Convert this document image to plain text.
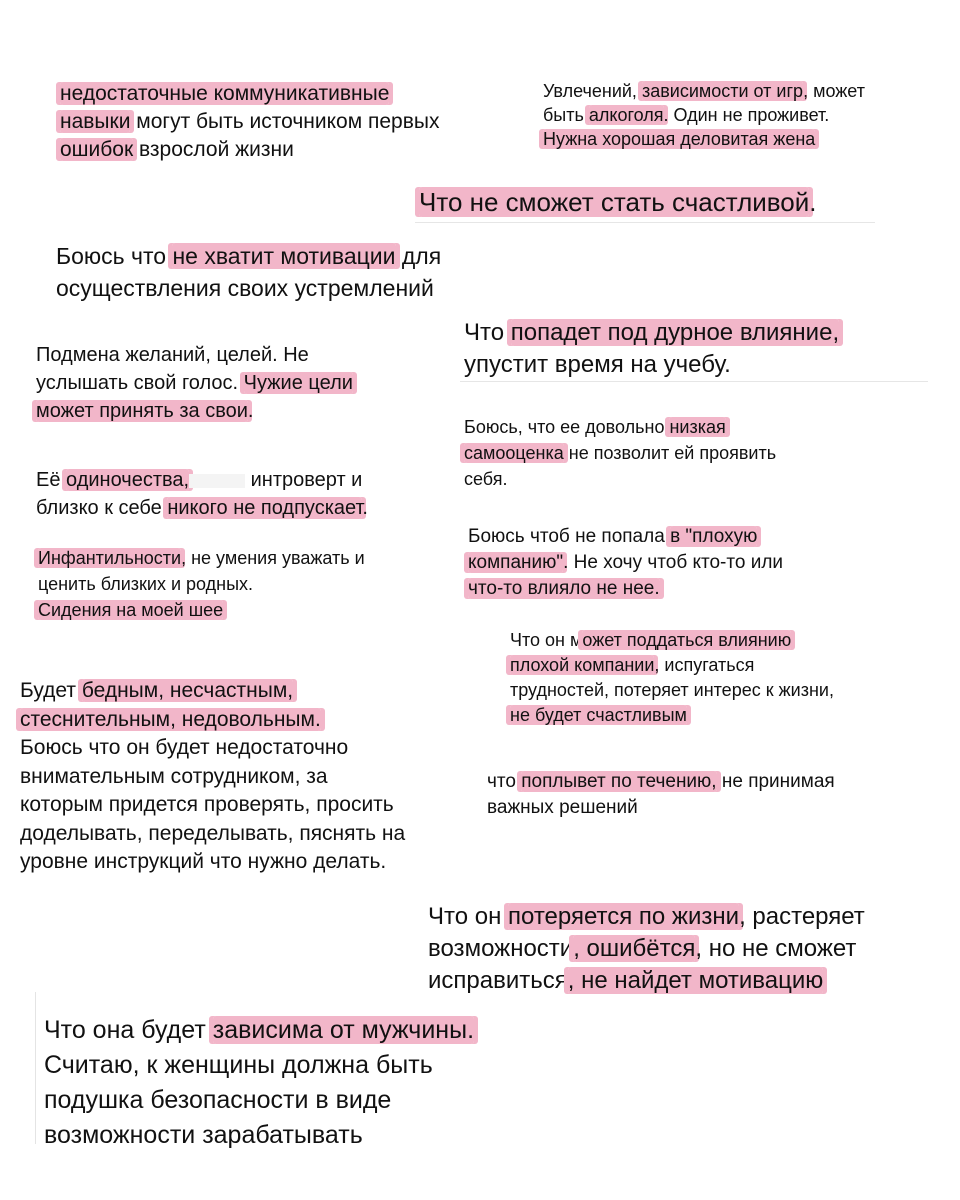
недостаточные коммуникативные
навыки могут быть источником первых
ошибок взрослой жизни
Увлечений, зависимости от игр, может
быть алкоголя. Один не проживет.
Нужна хорошая деловитая жена
Что не сможет стать счастливой.
Боюсь что не хватит мотивации для
осуществления своих устремлений
Что попадет под дурное влияние,
упустит время на учебу.
Подмена желаний, целей. Не
услышать свой голос. Чужие цели
может принять за свои.
Боюсь, что ее довольно низкая
самооценка не позволит ей проявить
себя.
Её одиночества,	интроверт и
близко к себе никого не подпускает.
Боюсь чтоб не попала в "плохую
компанию". Не хочу чтоб кто-то или
что-то влияло не нее.
Инфантильности, не умения уважать и
ценить близких и родных.
Сидения на моей шее
Что он может поддаться влиянию
плохой компании, испугаться
трудностей, потеряет интерес к жизни,
не будет счастливым
Будет бедным, несчастным,
стеснительным, недовольным.
Боюсь что он будет недостаточно
внимательным сотрудником, за
которым придется проверять, просить
доделывать, переделывать, пяснять на
уровне инструкций что нужно делать.
что поплывет по течению, не принимая
важных решений
Что он потеряется по жизни, растеряет
возможности, ошибётся, но не сможет
исправиться, не найдет мотивацию
Что она будет зависима от мужчины.
Считаю, к женщины должна быть
подушка безопасности в виде
возможности зарабатывать
